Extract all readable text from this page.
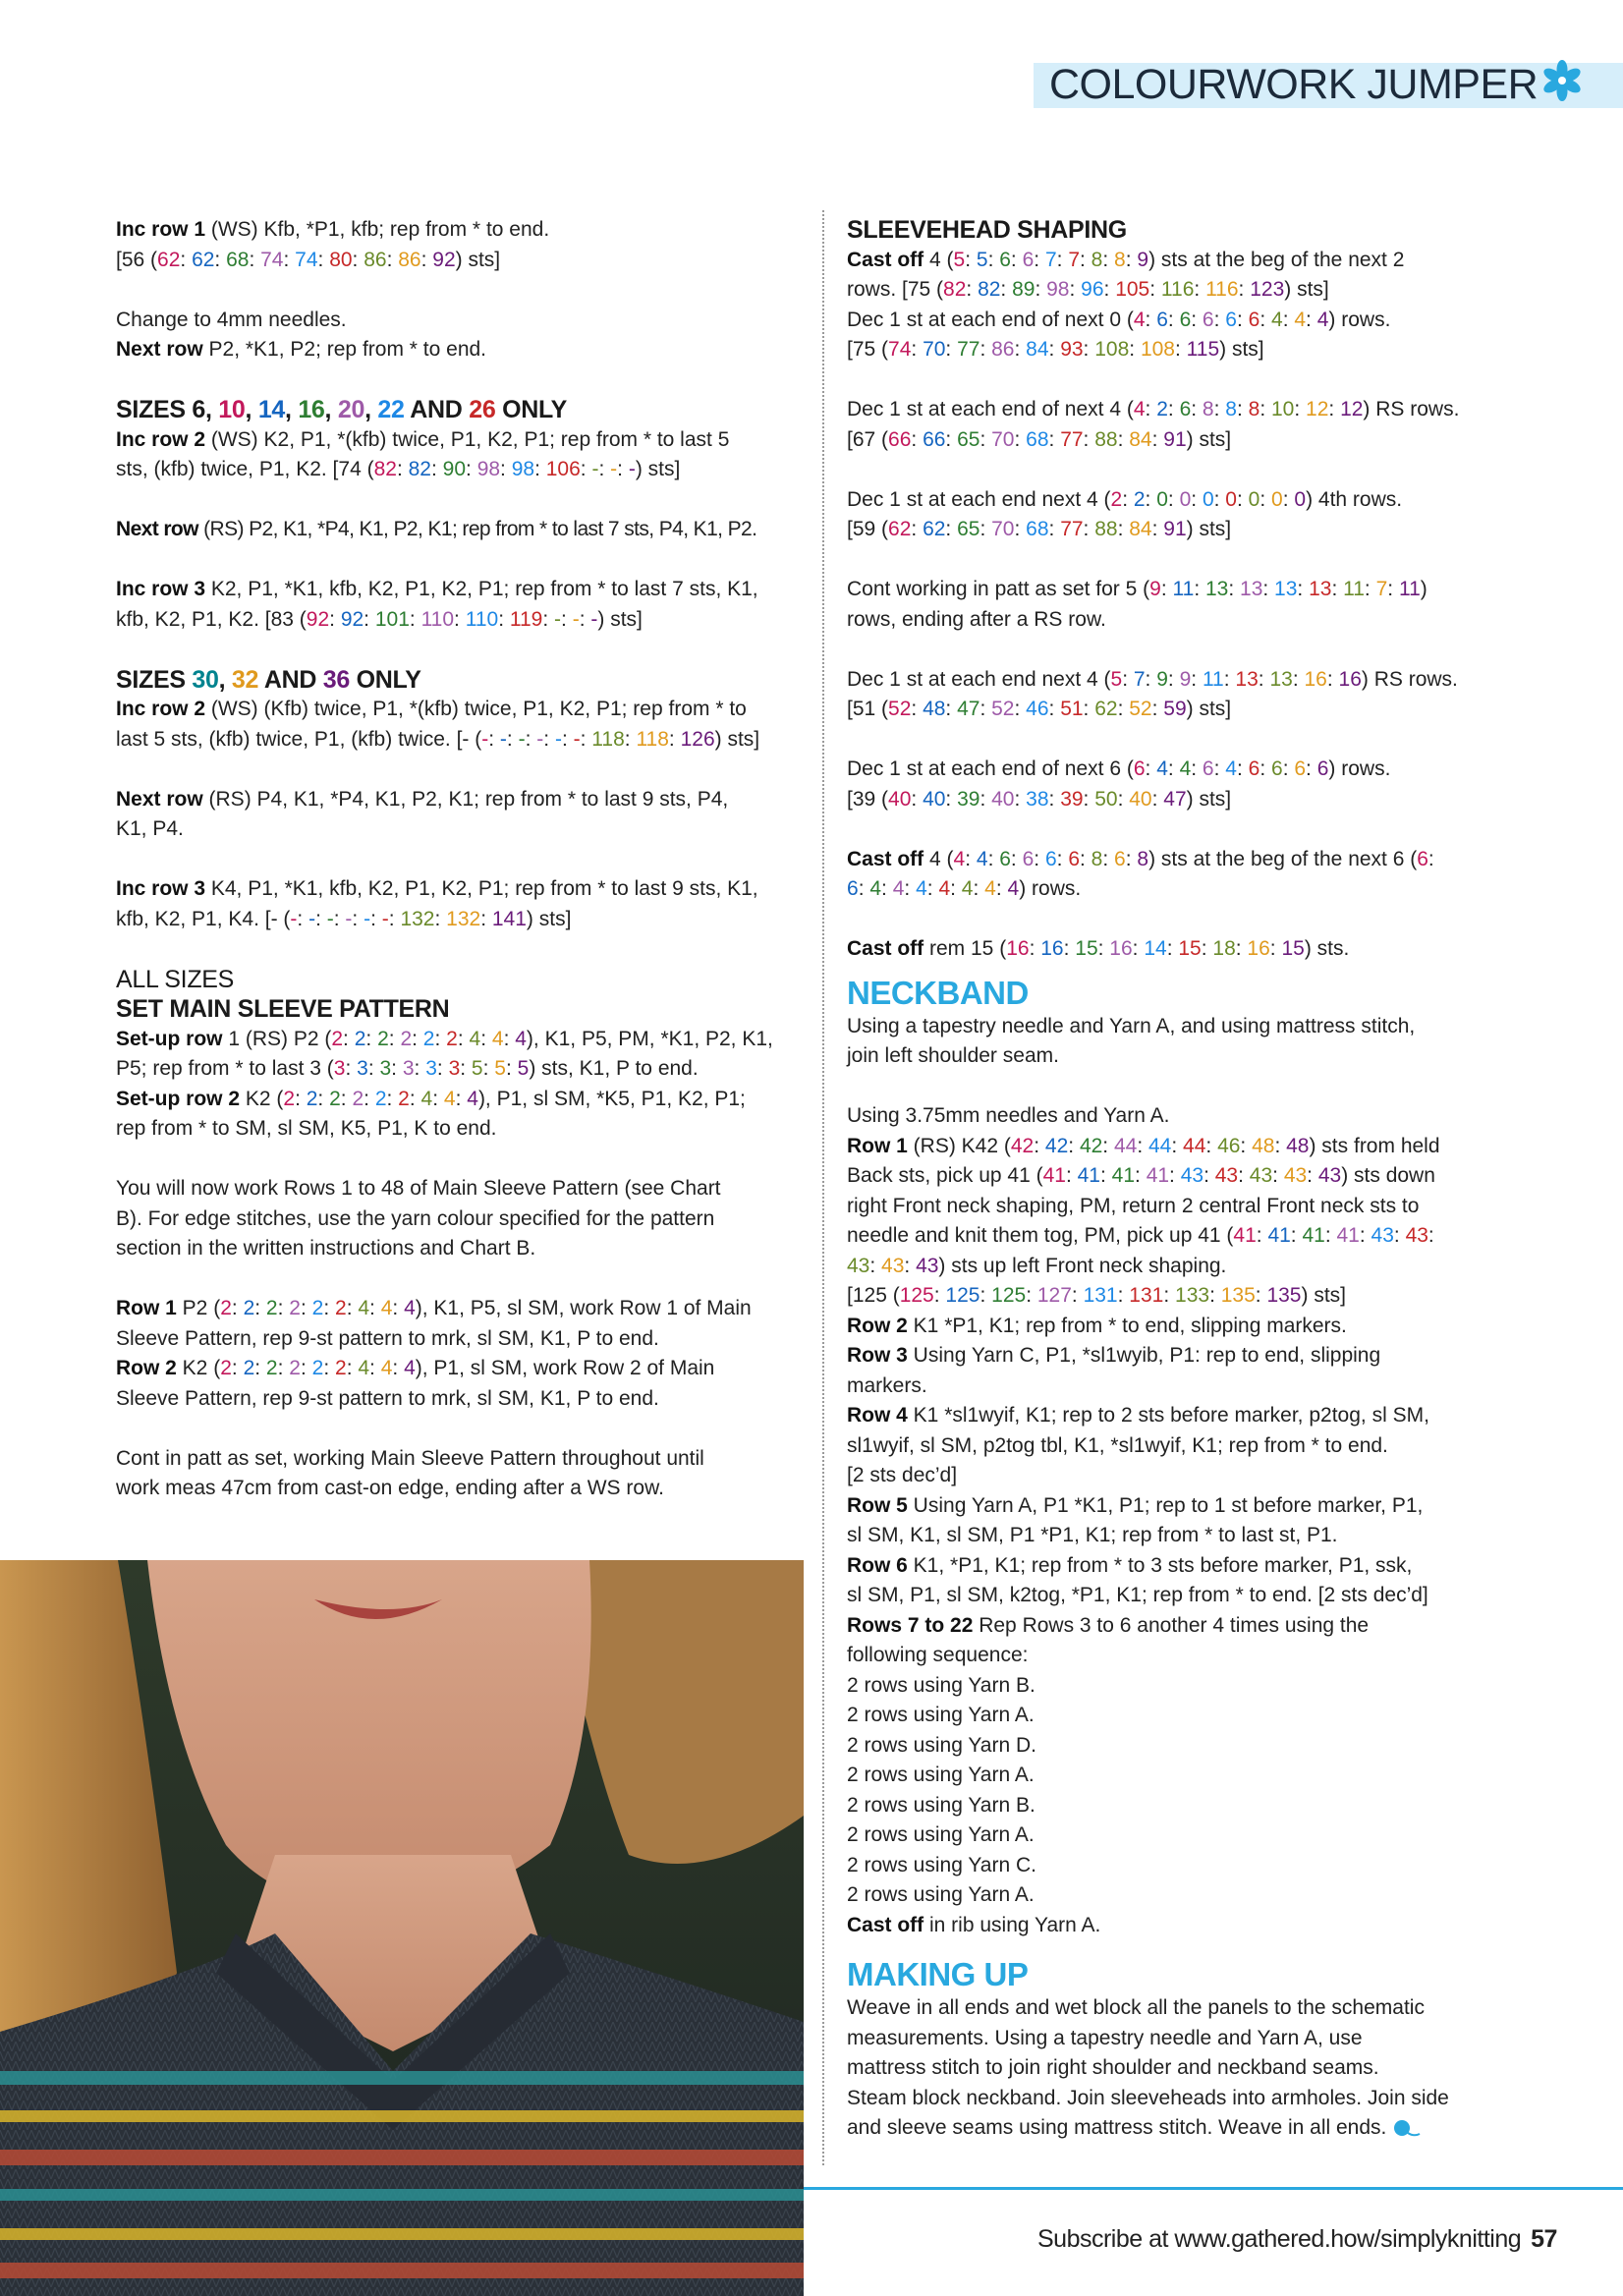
COLOURWORK JUMPER

Inc row 1 (WS) Kfb, *P1, kfb; rep from * to end.
[56 (62: 62: 68: 74: 74: 80: 86: 86: 92) sts]

Change to 4mm needles.
Next row P2, *K1, P2; rep from * to end.

SIZES 6, 10, 14, 16, 20, 22 AND 26 ONLY

Inc row 2 (WS) K2, P1, *(kfb) twice, P1, K2, P1; rep from * to last 5
sts, (kfb) twice, P1, K2. [74 (82: 82: 90: 98: 98: 106: -: -: -) sts]

Next row (RS) P2, K1, *P4, K1, P2, K1; rep from * to last 7 sts, P4, K1, P2.

Inc row 3 K2, P1, *K1, kfb, K2, P1, K2, P1; rep from * to last 7 sts, K1,
kfb, K2, P1, K2. [83 (92: 92: 101: 110: 110: 119: -: -: -) sts]

SIZES 30, 32 AND 36 ONLY

Inc row 2 (WS) (Kfb) twice, P1, *(kfb) twice, P1, K2, P1; rep from * to
last 5 sts, (kfb) twice, P1, (kfb) twice. [- (-: -: -: -: -: -: 118: 118: 126) sts]

Next row (RS) P4, K1, *P4, K1, P2, K1; rep from * to last 9 sts, P4,
K1, P4.

Inc row 3 K4, P1, *K1, kfb, K2, P1, K2, P1; rep from * to last 9 sts, K1,
kfb, K2, P1, K4. [- (-: -: -: -: -: -: 132: 132: 141) sts]

ALL SIZES
SET MAIN SLEEVE PATTERN
Set-up row 1 (RS) P2 (2: 2: 2: 2: 2: 2: 4: 4: 4), K1, P5, PM, *K1, P2, K1,
P5; rep from * to last 3 (3: 3: 3: 3: 3: 3: 5: 5: 5) sts, K1, P to end.
Set-up row 2 K2 (2: 2: 2: 2: 2: 2: 4: 4: 4), P1, sl SM, *K5, P1, K2, P1;
rep from * to SM, sl SM, K5, P1, K to end.

You will now work Rows 1 to 48 of Main Sleeve Pattern (see Chart
B). For edge stitches, use the yarn colour specified for the pattern
section in the written instructions and Chart B.

Row 1 P2 (2: 2: 2: 2: 2: 2: 4: 4: 4), K1, P5, sl SM, work Row 1 of Main
Sleeve Pattern, rep 9-st pattern to mrk, sl SM, K1, P to end.
Row 2 K2 (2: 2: 2: 2: 2: 2: 4: 4: 4), P1, sl SM, work Row 2 of Main
Sleeve Pattern, rep 9-st pattern to mrk, sl SM, K1, P to end.

Cont in patt as set, working Main Sleeve Pattern throughout until
work meas 47cm from cast-on edge, ending after a WS row.

SLEEVEHEAD SHAPING
Cast off 4 (5: 5: 6: 6: 7: 7: 8: 8: 9) sts at the beg of the next 2
rows. [75 (82: 82: 89: 98: 96: 105: 116: 116: 123) sts]
Dec 1 st at each end of next 0 (4: 6: 6: 6: 6: 6: 4: 4: 4) rows.
[75 (74: 70: 77: 86: 84: 93: 108: 108: 115) sts]

Dec 1 st at each end of next 4 (4: 2: 6: 8: 8: 8: 10: 12: 12) RS rows.
[67 (66: 66: 65: 70: 68: 77: 88: 84: 91) sts]

Dec 1 st at each end next 4 (2: 2: 0: 0: 0: 0: 0: 0: 0) 4th rows.
[59 (62: 62: 65: 70: 68: 77: 88: 84: 91) sts]

Cont working in patt as set for 5 (9: 11: 13: 13: 13: 13: 11: 7: 11)
rows, ending after a RS row.

Dec 1 st at each end next 4 (5: 7: 9: 9: 11: 13: 13: 16: 16) RS rows.
[51 (52: 48: 47: 52: 46: 51: 62: 52: 59) sts]

Dec 1 st at each end of next 6 (6: 4: 4: 6: 4: 6: 6: 6: 6) rows.
[39 (40: 40: 39: 40: 38: 39: 50: 40: 47) sts]

Cast off 4 (4: 4: 6: 6: 6: 6: 8: 6: 8) sts at the beg of the next 6 (6:
6: 4: 4: 4: 4: 4: 4: 4) rows.

Cast off rem 15 (16: 16: 15: 16: 14: 15: 18: 16: 15) sts.
NECKBAND

Using a tapestry needle and Yarn A, and using mattress stitch,
join left shoulder seam.

Using 3.75mm needles and Yarn A.
Row 1 (RS) K42 (42: 42: 42: 44: 44: 44: 46: 48: 48) sts from held
Back sts, pick up 41 (41: 41: 41: 41: 43: 43: 43: 43: 43) sts down
right Front neck shaping, PM, return 2 central Front neck sts to
needle and knit them tog, PM, pick up 41 (41: 41: 41: 41: 43: 43:
43: 43: 43) sts up left Front neck shaping.
[125 (125: 125: 125: 127: 131: 131: 133: 135: 135) sts]
Row 2 K1 *P1, K1; rep from * to end, slipping markers.
Row 3 Using Yarn C, P1, *sl1wyib, P1: rep to end, slipping
markers.
Row 4 K1 *sl1wyif, K1; rep to 2 sts before marker, p2tog, sl SM,
sl1wyif, sl SM, p2tog tbl, K1, *sl1wyif, K1; rep from * to end.
[2 sts dec’d]
Row 5 Using Yarn A, P1 *K1, P1; rep to 1 st before marker, P1,
sl SM, K1, sl SM, P1 *P1, K1; rep from * to last st, P1.
Row 6 K1, *P1, K1; rep from * to 3 sts before marker, P1, ssk,
sl SM, P1, sl SM, k2tog, *P1, K1; rep from * to end. [2 sts dec’d]
Rows 7 to 22 Rep Rows 3 to 6 another 4 times using the
following sequence:
2 rows using Yarn B.
2 rows using Yarn A.
2 rows using Yarn D.
2 rows using Yarn A.
2 rows using Yarn B.
2 rows using Yarn A.
2 rows using Yarn C.
2 rows using Yarn A.
Cast off in rib using Yarn A.
MAKING UP
Weave in all ends and wet block all the panels to the schematic
measurements. Using a tapestry needle and Yarn A, use
mattress stitch to join right shoulder and neckband seams.
Steam block neckband. Join sleeveheads into armholes. Join side
and sleeve seams using mattress stitch. Weave in all ends.
Subscribe at www.gathered.how/simplyknitting 57
